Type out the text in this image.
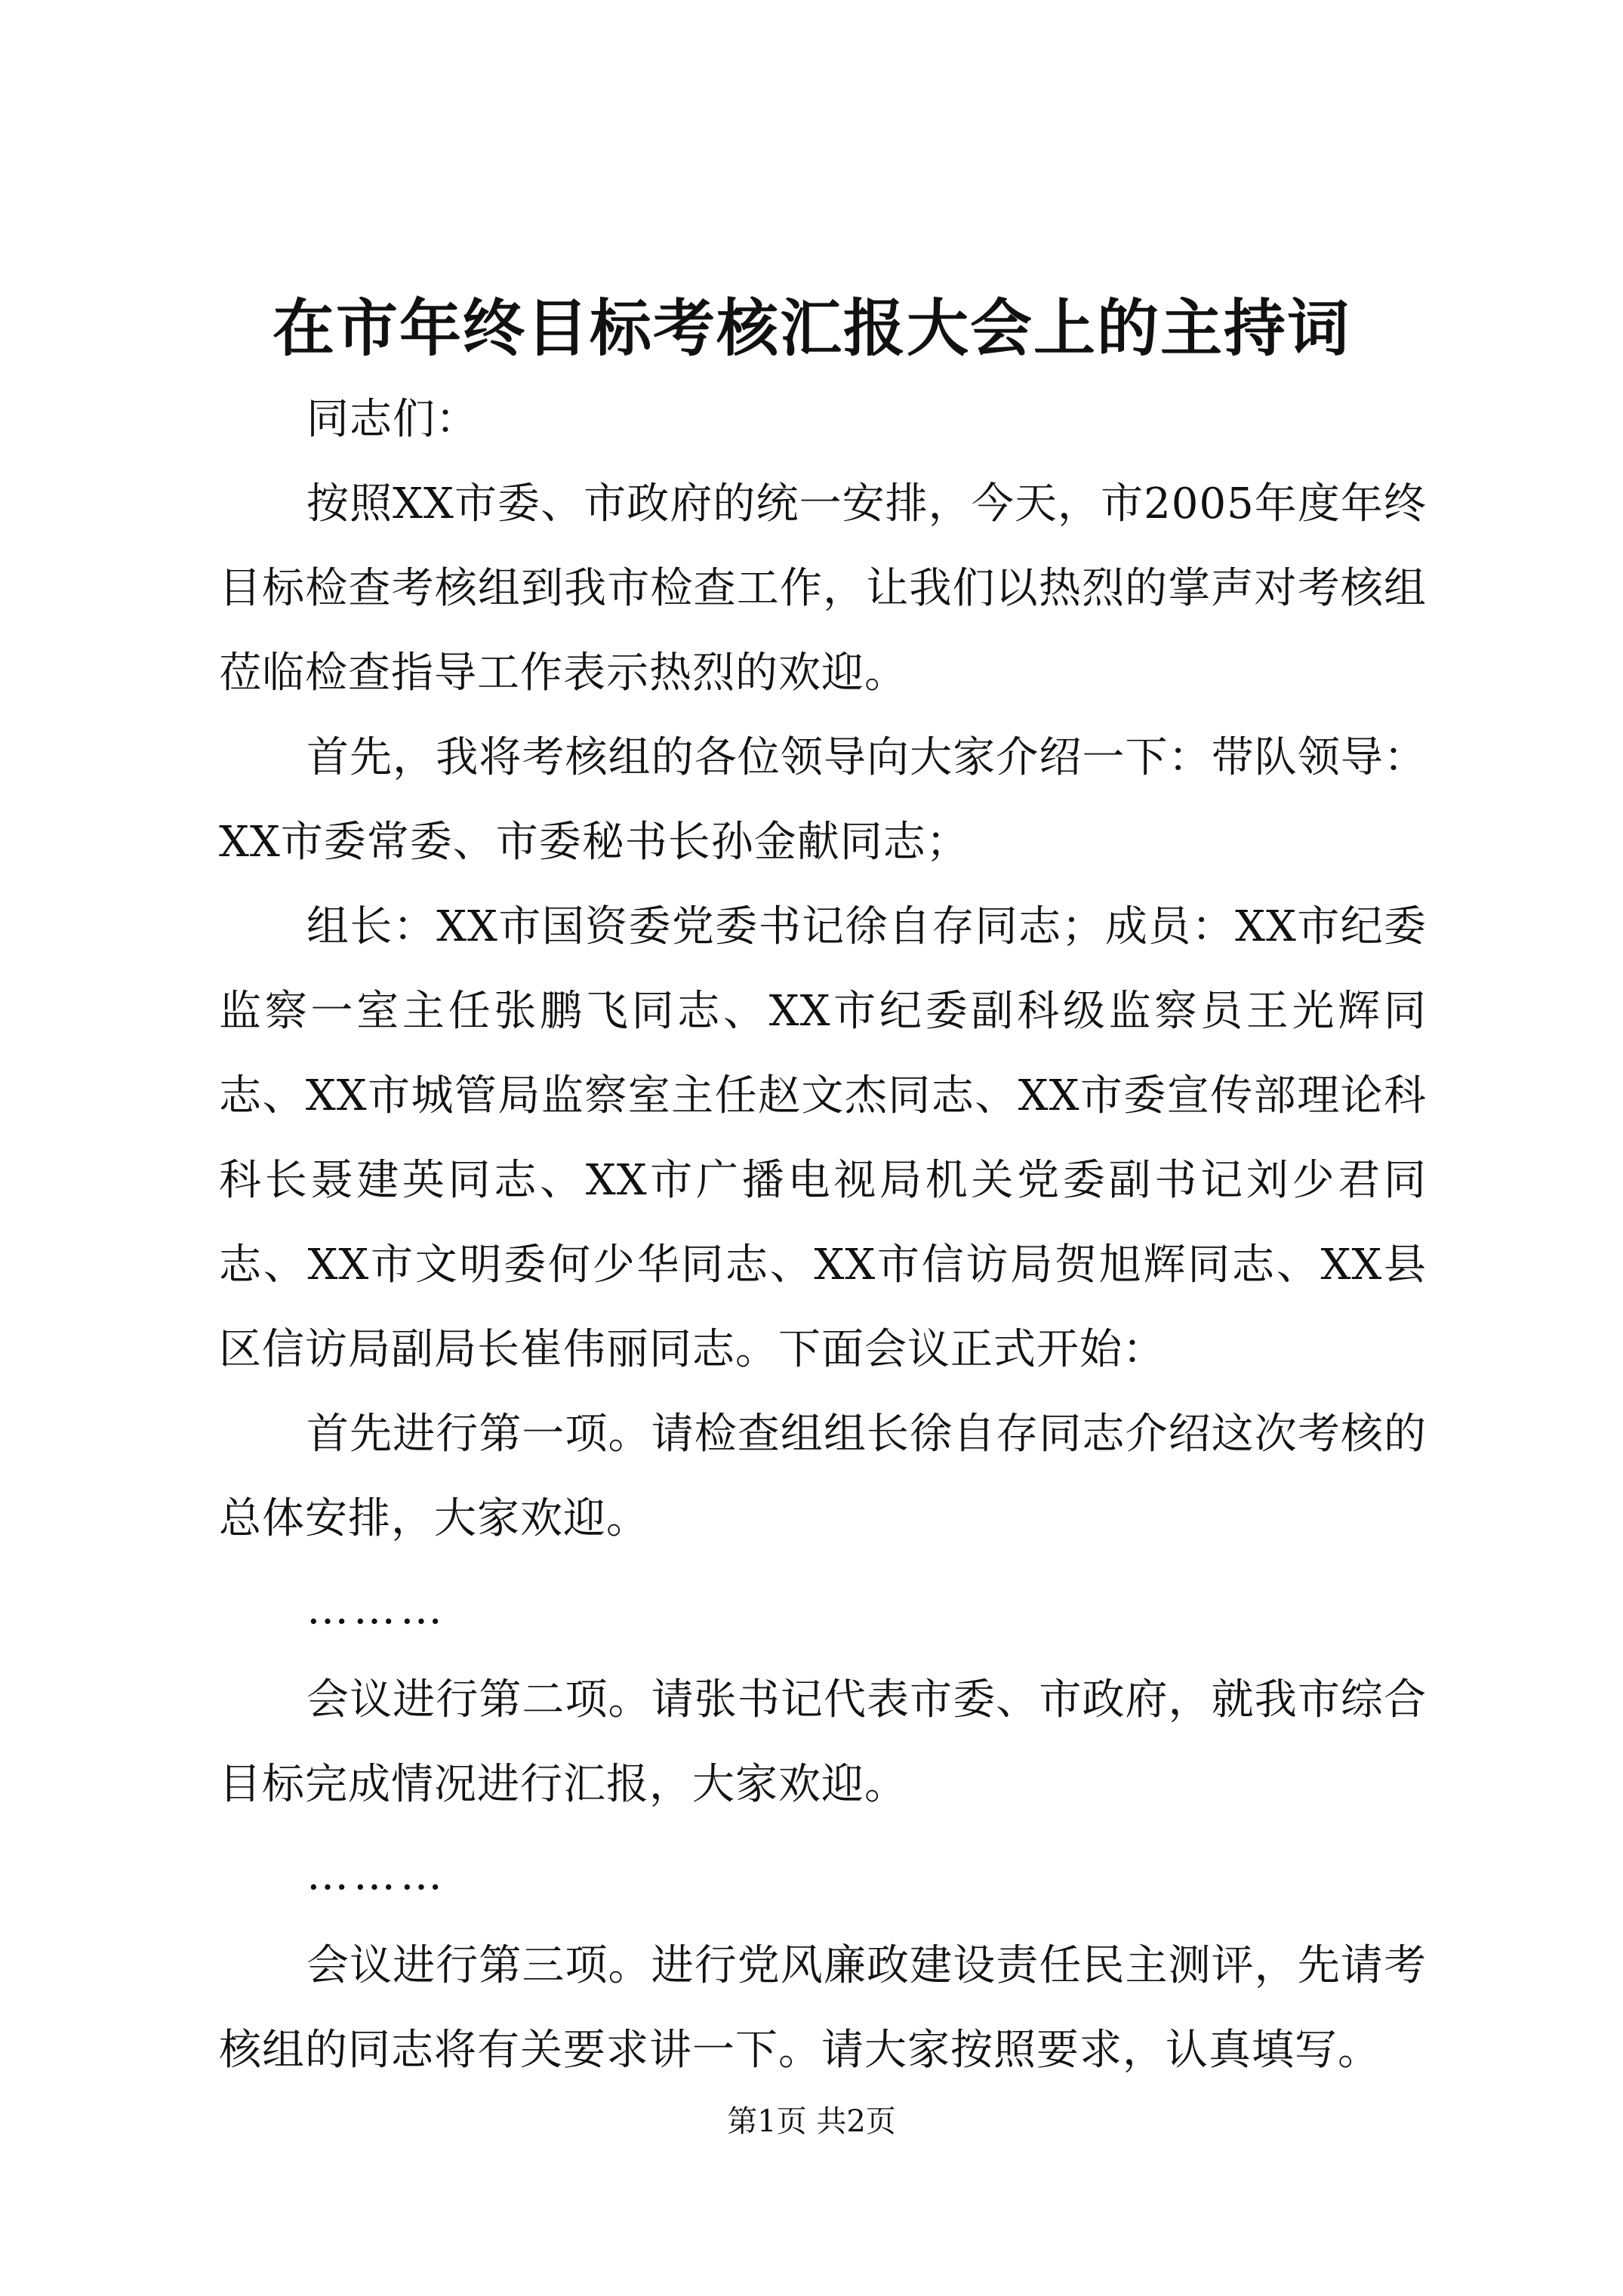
在市年终目标考核汇报大会上的主持词

同志们：

按照XX市委、市政府的统一安排，今天，市2005年度年终目标检查考核组到我市检查工作，让我们以热烈的掌声对考核组莅临检查指导工作表示热烈的欢迎。

首先，我将考核组的各位领导向大家介绍一下：带队领导：XX市委常委、市委秘书长孙金献同志；

组长：XX市国资委党委书记徐自存同志；成员：XX市纪委监察一室主任张鹏飞同志、XX市纪委副科级监察员王光辉同志、XX市城管局监察室主任赵文杰同志、XX市委宣传部理论科科长聂建英同志、XX市广播电视局机关党委副书记刘少君同志、XX市文明委何少华同志、XX市信访局贺旭辉同志、XX县区信访局副局长崔伟丽同志。下面会议正式开始：

首先进行第一项。请检查组组长徐自存同志介绍这次考核的总体安排，大家欢迎。

………

会议进行第二项。请张书记代表市委、市政府，就我市综合目标完成情况进行汇报，大家欢迎。

………

会议进行第三项。进行党风廉政建设责任民主测评，先请考核组的同志将有关要求讲一下。请大家按照要求，认真填写。

第1页 共2页
